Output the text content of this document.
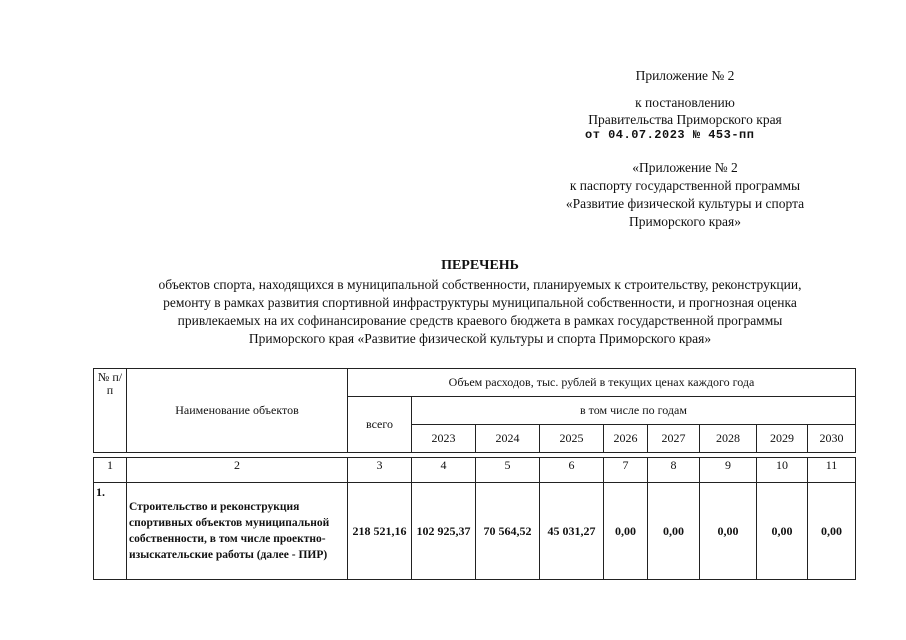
Приложение № 2
к постановлению
Правительства Приморского края
от 04.07.2023 № 453-пп
«Приложение № 2
к паспорту государственной программы
«Развитие физической культуры и спорта
Приморского края»
ПЕРЕЧЕНЬ
объектов спорта, находящихся в муниципальной собственности, планируемых к строительству, реконструкции,
ремонту в рамках развития спортивной инфраструктуры муниципальной собственности, и прогнозная оценка
привлекаемых на их софинансирование средств краевого бюджета в рамках государственной программы
Приморского края «Развитие физической культуры и спорта Приморского края»
№ п/п	Наименование объектов	Объем расходов, тыс. рублей в текущих ценах каждого года								
		всего	в том числе по годам							
			2023	2024	2025	2026	2027	2028	2029	2030

1	2	3	4	5	6	7	8	9	10	11
1.	Строительство и реконструкция спортивных объектов муниципальной собственности, в том числе проектно-изыскательские работы (далее - ПИР)	218 521,16	102 925,37	70 564,52	45 031,27	0,00	0,00	0,00	0,00	0,00
